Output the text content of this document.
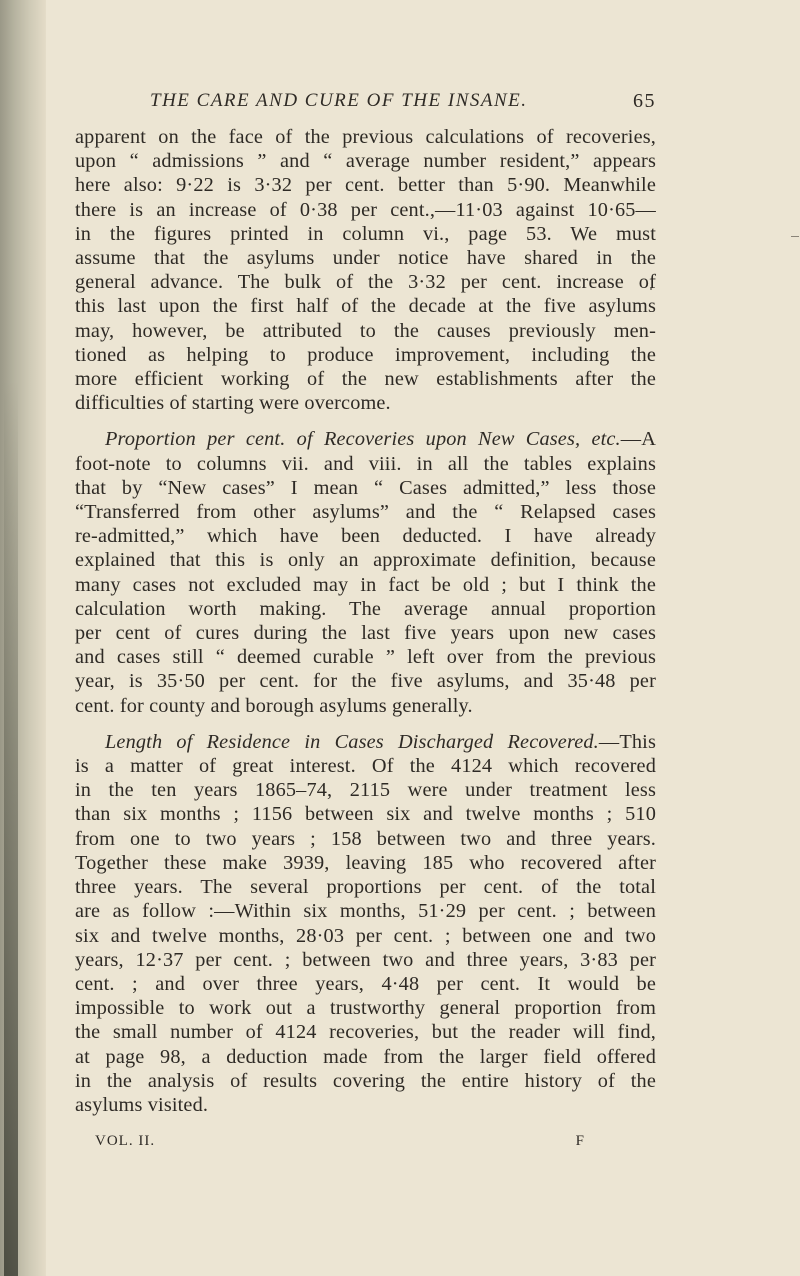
THE CARE AND CURE OF THE INSANE.	65

apparent on the face of the previous calculations of recoveries,
upon “ admissions ” and “ average number resident,” appears
here also: 9·22 is 3·32 per cent. better than 5·90. Meanwhile
there is an increase of 0·38 per cent.,—11·03 against 10·65—
in the figures printed in column vi., page 53. We must
assume that the asylums under notice have shared in the
general advance. The bulk of the 3·32 per cent. increase of
this last upon the first half of the decade at the five asylums
may, however, be attributed to the causes previously men-
tioned as helping to produce improvement, including the
more efficient working of the new establishments after the
difficulties of starting were overcome.

Proportion per cent. of Recoveries upon New Cases, etc.—A
foot-note to columns vii. and viii. in all the tables explains
that by “New cases” I mean “ Cases admitted,” less those
“Transferred from other asylums” and the “ Relapsed cases
re-admitted,” which have been deducted. I have already
explained that this is only an approximate definition, because
many cases not excluded may in fact be old ; but I think the
calculation worth making. The average annual proportion
per cent of cures during the last five years upon new cases
and cases still “ deemed curable ” left over from the previous
year, is 35·50 per cent. for the five asylums, and 35·48 per
cent. for county and borough asylums generally.

Length of Residence in Cases Discharged Recovered.—This
is a matter of great interest. Of the 4124 which recovered
in the ten years 1865–74, 2115 were under treatment less
than six months ; 1156 between six and twelve months ; 510
from one to two years ; 158 between two and three years.
Together these make 3939, leaving 185 who recovered after
three years. The several proportions per cent. of the total
are as follow :—Within six months, 51·29 per cent. ; between
six and twelve months, 28·03 per cent. ; between one and two
years, 12·37 per cent. ; between two and three years, 3·83 per
cent. ; and over three years, 4·48 per cent. It would be
impossible to work out a trustworthy general proportion from
the small number of 4124 recoveries, but the reader will find,
at page 98, a deduction made from the larger field offered
in the analysis of results covering the entire history of the
asylums visited.

VOL. II.	F
